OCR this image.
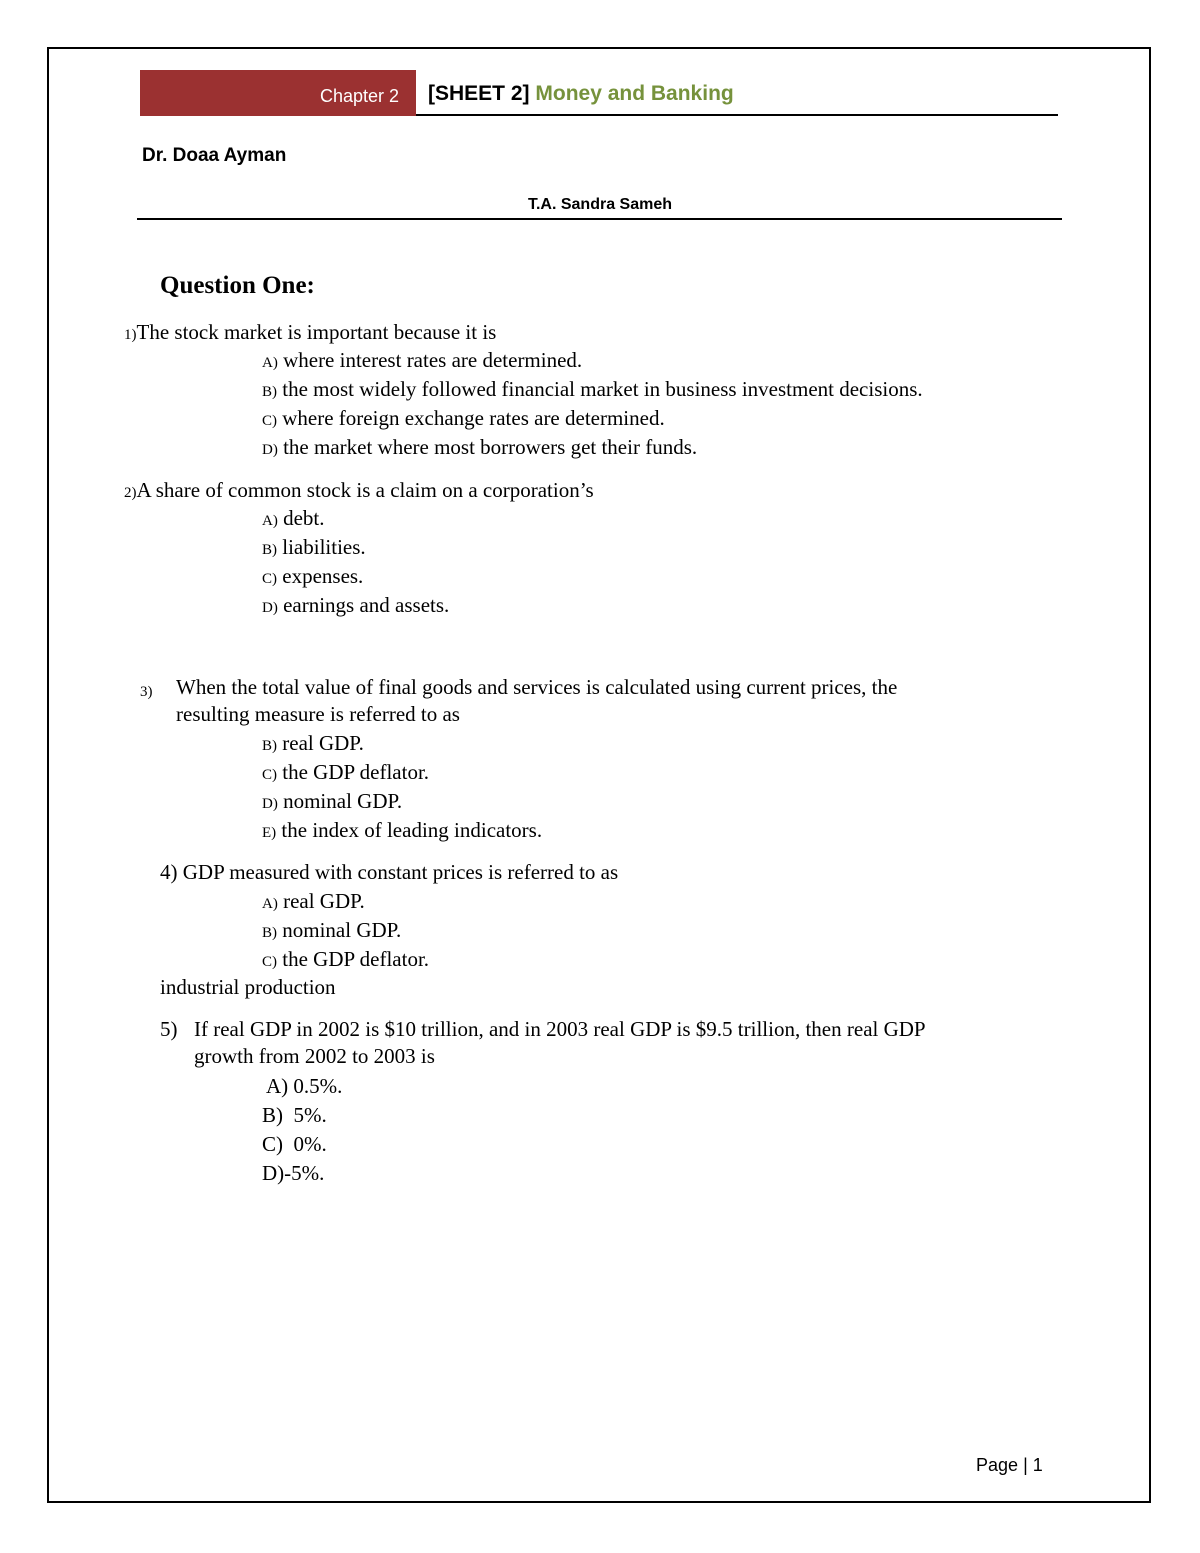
Chapter 2 [SHEET 2] Money and Banking
Dr. Doaa Ayman
T.A. Sandra Sameh
Question One:
1)The stock market is important because it is
A) where interest rates are determined.
B) the most widely followed financial market in business investment decisions.
C) where foreign exchange rates are determined.
D) the market where most borrowers get their funds.
2)A share of common stock is a claim on a corporation’s
A) debt.
B) liabilities.
C) expenses.
D) earnings and assets.
3) When the total value of final goods and services is calculated using current prices, the
resulting measure is referred to as
B) real GDP.
C) the GDP deflator.
D) nominal GDP.
E) the index of leading indicators.
4) GDP measured with constant prices is referred to as
A) real GDP.
B) nominal GDP.
C) the GDP deflator.
industrial production
5) If real GDP in 2002 is $10 trillion, and in 2003 real GDP is $9.5 trillion, then real GDP
growth from 2002 to 2003 is
A) 0.5%.
B)  5%.
C)  0%.
D)-5%.
Page | 1
